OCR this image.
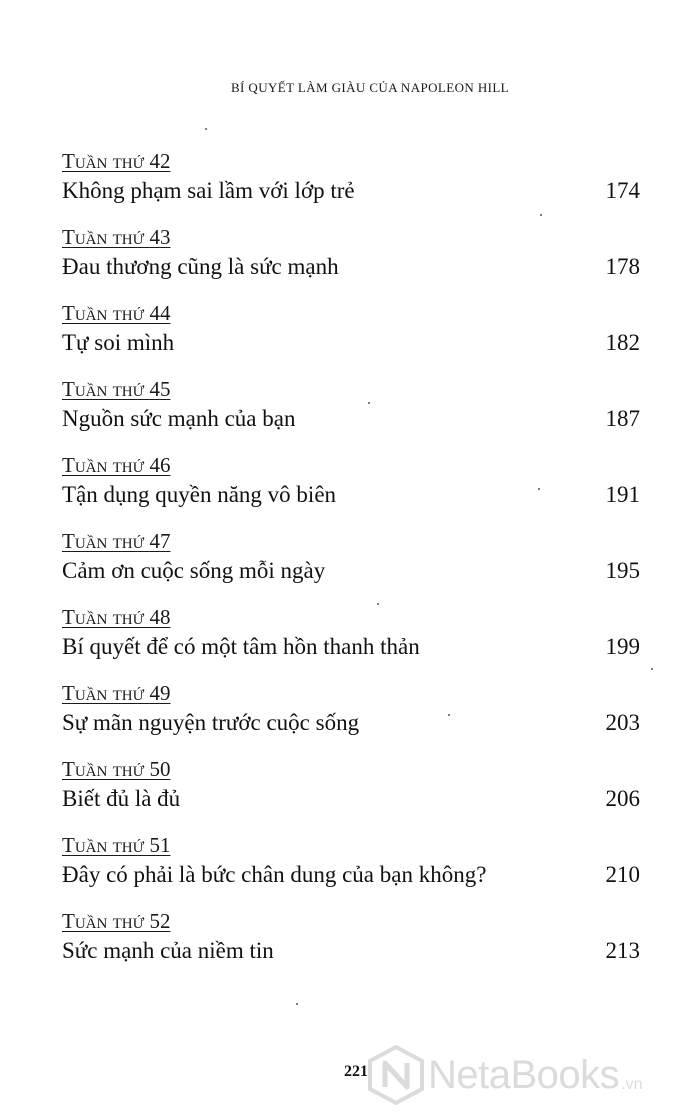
BÍ QUYẾT LÀM GIÀU CỦA NAPOLEON HILL
Tuần thứ 42
Không phạm sai lầm với lớp trẻ	174
Tuần thứ 43
Đau thương cũng là sức mạnh	178
Tuần thứ 44
Tự soi mình	182
Tuần thứ 45
Nguồn sức mạnh của bạn	187
Tuần thứ 46
Tận dụng quyền năng vô biên	191
Tuần thứ 47
Cảm ơn cuộc sống mỗi ngày	195
Tuần thứ 48
Bí quyết để có một tâm hồn thanh thản	199
Tuần thứ 49
Sự mãn nguyện trước cuộc sống	203
Tuần thứ 50
Biết đủ là đủ	206
Tuần thứ 51
Đây có phải là bức chân dung của bạn không?	210
Tuần thứ 52
Sức mạnh của niềm tin	213
221	NetaBooks .vn
